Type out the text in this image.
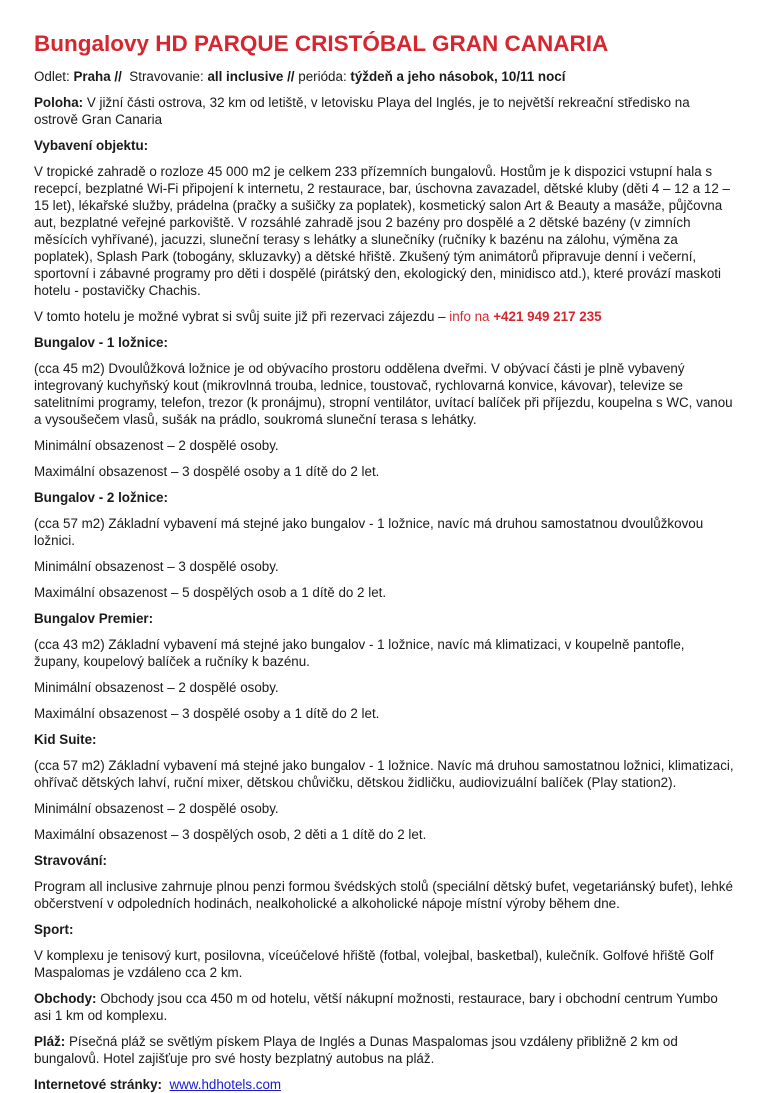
Bungalovy HD PARQUE CRISTÓBAL GRAN CANARIA

Odlet: Praha // Stravovanie: all inclusive // perióda: týždeň a jeho násobok, 10/11 nocí

Poloha: V jižní části ostrova, 32 km od letiště, v letovisku Playa del Inglés, je to největší rekreační středisko na ostrově Gran Canaria

Vybavení objektu:

V tropické zahradě o rozloze 45 000 m2 je celkem 233 přízemních bungalovů. Hostům je k dispozici vstupní hala s recepcí, bezplatné Wi-Fi připojení k internetu, 2 restaurace, bar, úschovna zavazadel, dětské kluby (děti 4 – 12 a 12 – 15 let), lékařské služby, prádelna (pračky a sušičky za poplatek), kosmetický salon Art & Beauty a masáže, půjčovna aut, bezplatné veřejné parkoviště. V rozsáhlé zahradě jsou 2 bazény pro dospělé a 2 dětské bazény (v zimních měsících vyhřívané), jacuzzi, sluneční terasy s lehátky a slunečníky (ručníky k bazénu na zálohu, výměna za poplatek), Splash Park (tobogány, skluzavky) a dětské hřiště. Zkušený tým animátorů připravuje denní i večerní, sportovní i zábavné programy pro děti i dospělé (pirátský den, ekologický den, minidisco atd.), které provází maskoti hotelu - postavičky Chachis.

V tomto hotelu je možné vybrat si svůj suite již při rezervaci zájezdu – info na +421 949 217 235

Bungalov - 1 ložnice:

(cca 45 m2) Dvoulůžková ložnice je od obývacího prostoru oddělena dveřmi. V obývací části je plně vybavený integrovaný kuchyňský kout (mikrovlnná trouba, lednice, toustovač, rychlovarná konvice, kávovar), televize se satelitními programy, telefon, trezor (k pronájmu), stropní ventilátor, uvítací balíček při příjezdu, koupelna s WC, vanou a vysoušečem vlasů, sušák na prádlo, soukromá sluneční terasa s lehátky.

Minimální obsazenost – 2 dospělé osoby.

Maximální obsazenost – 3 dospělé osoby a 1 dítě do 2 let.

Bungalov - 2 ložnice:

(cca 57 m2) Základní vybavení má stejné jako bungalov - 1 ložnice, navíc má druhou samostatnou dvoulůžkovou ložnici.

Minimální obsazenost – 3 dospělé osoby.

Maximální obsazenost – 5 dospělých osob a 1 dítě do 2 let.

Bungalov Premier:

(cca 43 m2) Základní vybavení má stejné jako bungalov - 1 ložnice, navíc má klimatizaci, v koupelně pantofle, župany, koupelový balíček a ručníky k bazénu.

Minimální obsazenost – 2 dospělé osoby.

Maximální obsazenost – 3 dospělé osoby a 1 dítě do 2 let.

Kid Suite:

(cca 57 m2) Základní vybavení má stejné jako bungalov - 1 ložnice. Navíc má druhou samostatnou ložnici, klimatizaci, ohřívač dětských lahví, ruční mixer, dětskou chůvičku, dětskou židličku, audiovizuální balíček (Play station2).

Minimální obsazenost – 2 dospělé osoby.

Maximální obsazenost – 3 dospělých osob, 2 děti a 1 dítě do 2 let.

Stravování:

Program all inclusive zahrnuje plnou penzi formou švédských stolů (speciální dětský bufet, vegetariánský bufet), lehké občerstvení v odpoledních hodinách, nealkoholické a alkoholické nápoje místní výroby během dne.

Sport:

V komplexu je tenisový kurt, posilovna, víceúčelové hřiště (fotbal, volejbal, basketbal), kulečník. Golfové hřiště Golf Maspalomas je vzdáleno cca 2 km.

Obchody: Obchody jsou cca 450 m od hotelu, větší nákupní možnosti, restaurace, bary i obchodní centrum Yumbo asi 1 km od komplexu.

Pláž: Písečná pláž se světlým pískem Playa de Inglés a Dunas Maspalomas jsou vzdáleny přibližně 2 km od bungalovů. Hotel zajišťuje pro své hosty bezplatný autobus na pláž.

Internetové stránky: www.hdhotels.com
